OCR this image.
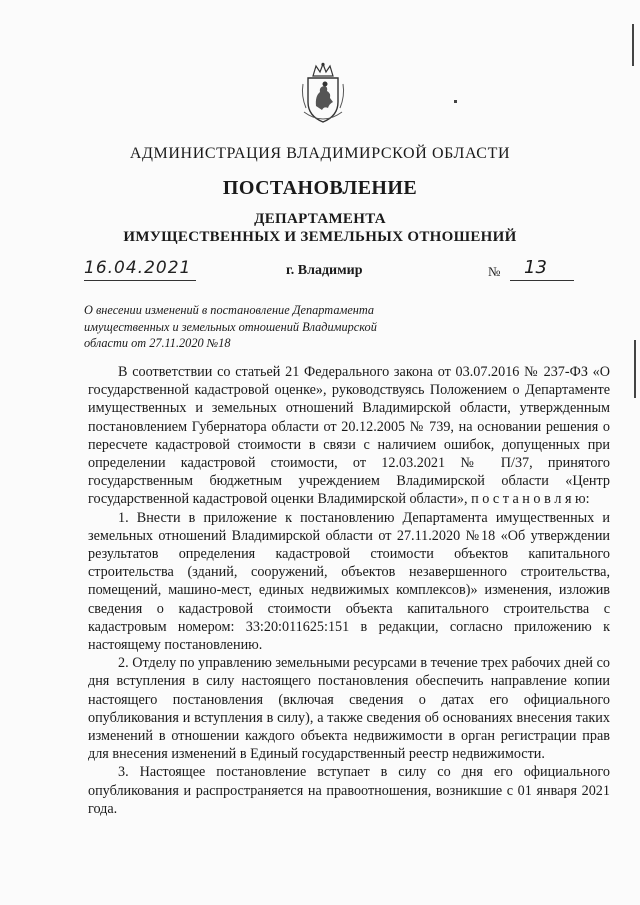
АДМИНИСТРАЦИЯ ВЛАДИМИРСКОЙ ОБЛАСТИ
ПОСТАНОВЛЕНИЕ
ДЕПАРТАМЕНТА
ИМУЩЕСТВЕННЫХ И ЗЕМЕЛЬНЫХ ОТНОШЕНИЙ
16.04.2021	г. Владимир	№	13
О внесении изменений в постановление Департамента имущественных и земельных отношений Владимирской области от 27.11.2020 №18

В соответствии со статьей 21 Федерального закона от 03.07.2016 № 237-ФЗ «О государственной кадастровой оценке», руководствуясь Положением о Департаменте имущественных и земельных отношений Владимирской области, утвержденным постановлением Губернатора области от 20.12.2005 № 739, на основании решения о пересчете кадастровой стоимости в связи с наличием ошибок, допущенных при определении кадастровой стоимости, от 12.03.2021 № П/37, принятого государственным бюджетным учреждением Владимирской области «Центр государственной кадастровой оценки Владимирской области», п о с т а н о в л я ю:

1. Внести в приложение к постановлению Департамента имущественных и земельных отношений Владимирской области от 27.11.2020 №18 «Об утверждении результатов определения кадастровой стоимости объектов капитального строительства (зданий, сооружений, объектов незавершенного строительства, помещений, машино-мест, единых недвижимых комплексов)» изменения, изложив сведения о кадастровой стоимости объекта капитального строительства с кадастровым номером: 33:20:011625:151 в редакции, согласно приложению к настоящему постановлению.

2. Отделу по управлению земельными ресурсами в течение трех рабочих дней со дня вступления в силу настоящего постановления обеспечить направление копии настоящего постановления (включая сведения о датах его официального опубликования и вступления в силу), а также сведения об основаниях внесения таких изменений в отношении каждого объекта недвижимости в орган регистрации прав для внесения изменений в Единый государственный реестр недвижимости.

3. Настоящее постановление вступает в силу со дня его официального опубликования и распространяется на правоотношения, возникшие с 01 января 2021 года.
